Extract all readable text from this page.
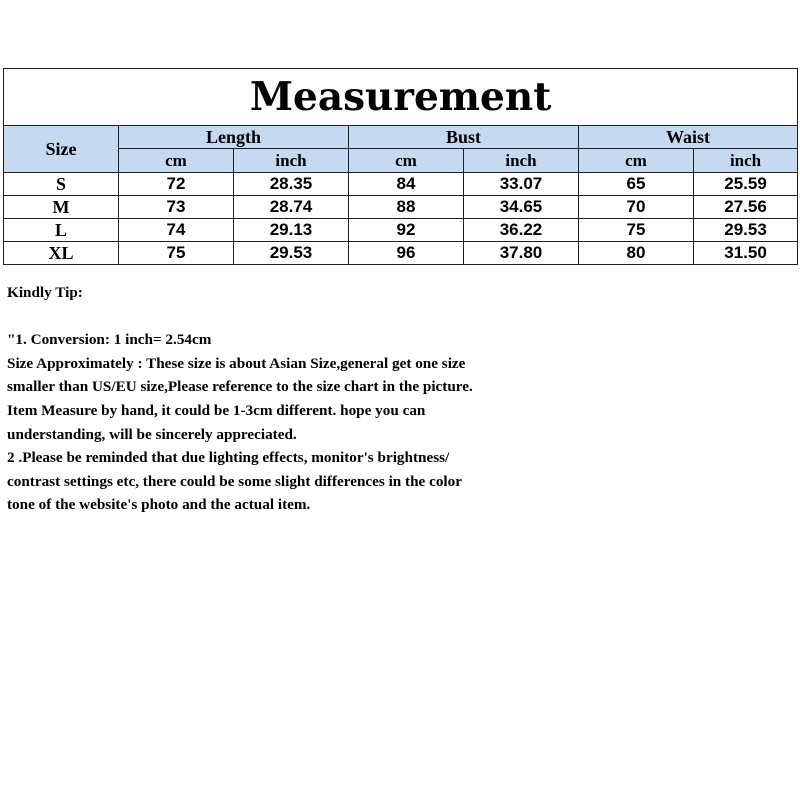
Measurement						
Size	Length		Bust		Waist	
	cm	inch	cm	inch	cm	inch
S	72	28.35	84	33.07	65	25.59
M	73	28.74	88	34.65	70	27.56
L	74	29.13	92	36.22	75	29.53
XL	75	29.53	96	37.80	80	31.50

Kindly Tip:

"1. Conversion: 1 inch= 2.54cm

Size Approximately : These size is about Asian Size,general get one size

smaller than US/EU size,Please reference to the size chart in the picture.

Item Measure by hand, it could be 1-3cm different. hope you can

understanding, will be sincerely appreciated.

2 .Please be reminded that due lighting effects, monitor's brightness/

contrast settings etc, there could be some slight differences in the color

tone of the website's photo and the actual item.
